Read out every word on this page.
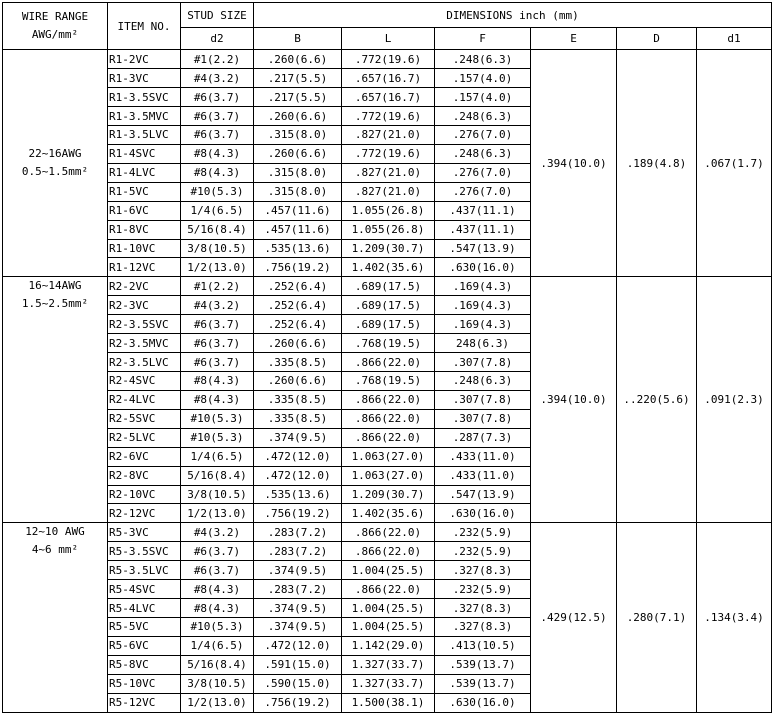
WIRE RANGE
AWG/mm²	ITEM NO.	STUD SIZE	DIMENSIONS inch (mm)					
		d2	B	L	F	E	D	d1

22~16AWG
0.5~1.5mm²	R1-2VC	#1(2.2)	.260(6.6)	.772(19.6)	.248(6.3)	.394(10.0)	.189(4.8)	.067(1.7)
	R1-3VC	#4(3.2)	.217(5.5)	.657(16.7)	.157(4.0)			
	R1-3.5SVC	#6(3.7)	.217(5.5)	.657(16.7)	.157(4.0)			
	R1-3.5MVC	#6(3.7)	.260(6.6)	.772(19.6)	.248(6.3)			
	R1-3.5LVC	#6(3.7)	.315(8.0)	.827(21.0)	.276(7.0)			
	R1-4SVC	#8(4.3)	.260(6.6)	.772(19.6)	.248(6.3)			
	R1-4LVC	#8(4.3)	.315(8.0)	.827(21.0)	.276(7.0)			
	R1-5VC	#10(5.3)	.315(8.0)	.827(21.0)	.276(7.0)			
	R1-6VC	1/4(6.5)	.457(11.6)	1.055(26.8)	.437(11.1)			
	R1-8VC	5/16(8.4)	.457(11.6)	1.055(26.8)	.437(11.1)			
	R1-10VC	3/8(10.5)	.535(13.6)	1.209(30.7)	.547(13.9)			
	R1-12VC	1/2(13.0)	.756(19.2)	1.402(35.6)	.630(16.0)			

16~14AWG
1.5~2.5mm²	R2-2VC	#1(2.2)	.252(6.4)	.689(17.5)	.169(4.3)	.394(10.0)	..220(5.6)	.091(2.3)
	R2-3VC	#4(3.2)	.252(6.4)	.689(17.5)	.169(4.3)			
	R2-3.5SVC	#6(3.7)	.252(6.4)	.689(17.5)	.169(4.3)			
	R2-3.5MVC	#6(3.7)	.260(6.6)	.768(19.5)	248(6.3)			
	R2-3.5LVC	#6(3.7)	.335(8.5)	.866(22.0)	.307(7.8)			
	R2-4SVC	#8(4.3)	.260(6.6)	.768(19.5)	.248(6.3)			
	R2-4LVC	#8(4.3)	.335(8.5)	.866(22.0)	.307(7.8)			
	R2-5SVC	#10(5.3)	.335(8.5)	.866(22.0)	.307(7.8)			
	R2-5LVC	#10(5.3)	.374(9.5)	.866(22.0)	.287(7.3)			
	R2-6VC	1/4(6.5)	.472(12.0)	1.063(27.0)	.433(11.0)			
	R2-8VC	5/16(8.4)	.472(12.0)	1.063(27.0)	.433(11.0)			
	R2-10VC	3/8(10.5)	.535(13.6)	1.209(30.7)	.547(13.9)			
	R2-12VC	1/2(13.0)	.756(19.2)	1.402(35.6)	.630(16.0)			

12~10 AWG
4~6 mm²	R5-3VC	#4(3.2)	.283(7.2)	.866(22.0)	.232(5.9)	.429(12.5)	.280(7.1)	.134(3.4)
	R5-3.5SVC	#6(3.7)	.283(7.2)	.866(22.0)	.232(5.9)			
	R5-3.5LVC	#6(3.7)	.374(9.5)	1.004(25.5)	.327(8.3)			
	R5-4SVC	#8(4.3)	.283(7.2)	.866(22.0)	.232(5.9)			
	R5-4LVC	#8(4.3)	.374(9.5)	1.004(25.5)	.327(8.3)			
	R5-5VC	#10(5.3)	.374(9.5)	1.004(25.5)	.327(8.3)			
	R5-6VC	1/4(6.5)	.472(12.0)	1.142(29.0)	.413(10.5)			
	R5-8VC	5/16(8.4)	.591(15.0)	1.327(33.7)	.539(13.7)			
	R5-10VC	3/8(10.5)	.590(15.0)	1.327(33.7)	.539(13.7)			
	R5-12VC	1/2(13.0)	.756(19.2)	1.500(38.1)	.630(16.0)			
